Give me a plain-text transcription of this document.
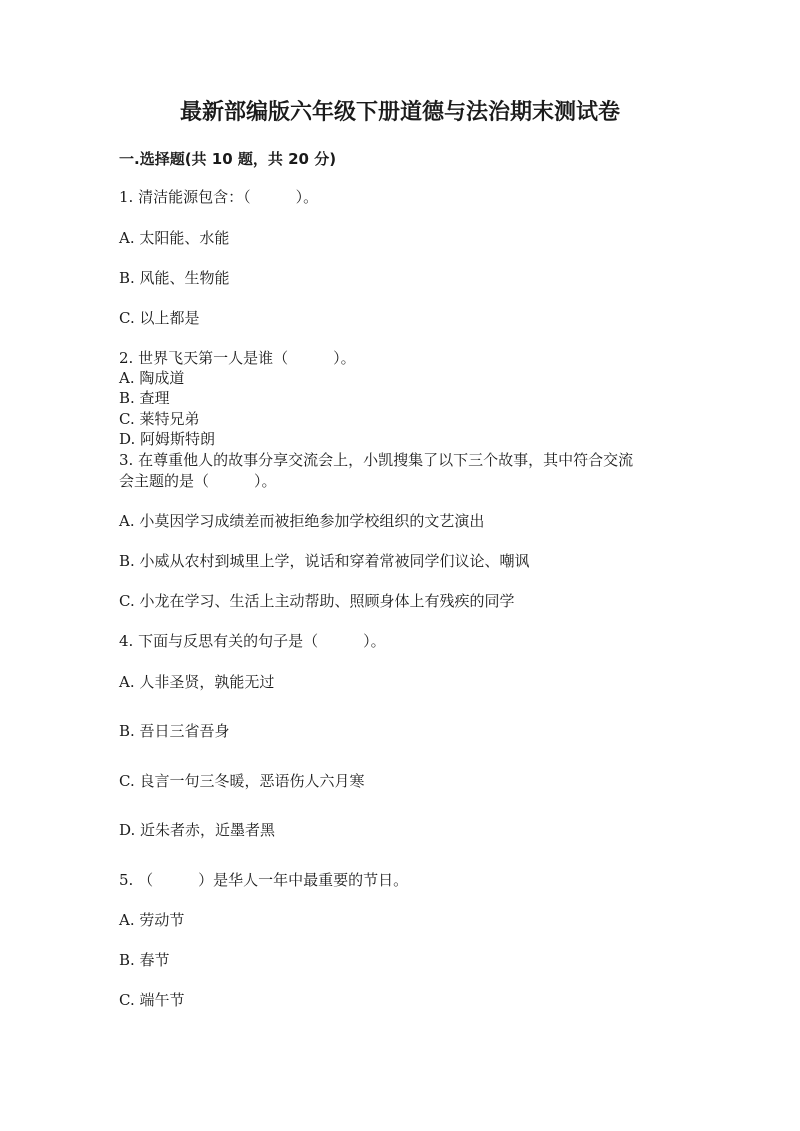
最新部编版六年级下册道德与法治期末测试卷
一.选择题(共 10 题，共 20 分)
1. 清洁能源包含：（　　　）。
A. 太阳能、水能
B. 风能、生物能
C. 以上都是
2. 世界飞天第一人是谁（　　　）。
A. 陶成道
B. 查理
C. 莱特兄弟
D. 阿姆斯特朗
3. 在尊重他人的故事分享交流会上，小凯搜集了以下三个故事，其中符合交流
会主题的是（　　　）。
A. 小莫因学习成绩差而被拒绝参加学校组织的文艺演出
B. 小威从农村到城里上学，说话和穿着常被同学们议论、嘲讽
C. 小龙在学习、生活上主动帮助、照顾身体上有残疾的同学
4. 下面与反思有关的句子是（　　　）。
A. 人非圣贤，孰能无过
B. 吾日三省吾身
C. 良言一句三冬暖，恶语伤人六月寒
D. 近朱者赤，近墨者黑
5. （　　　）是华人一年中最重要的节日。
A. 劳动节
B. 春节
C. 端午节
